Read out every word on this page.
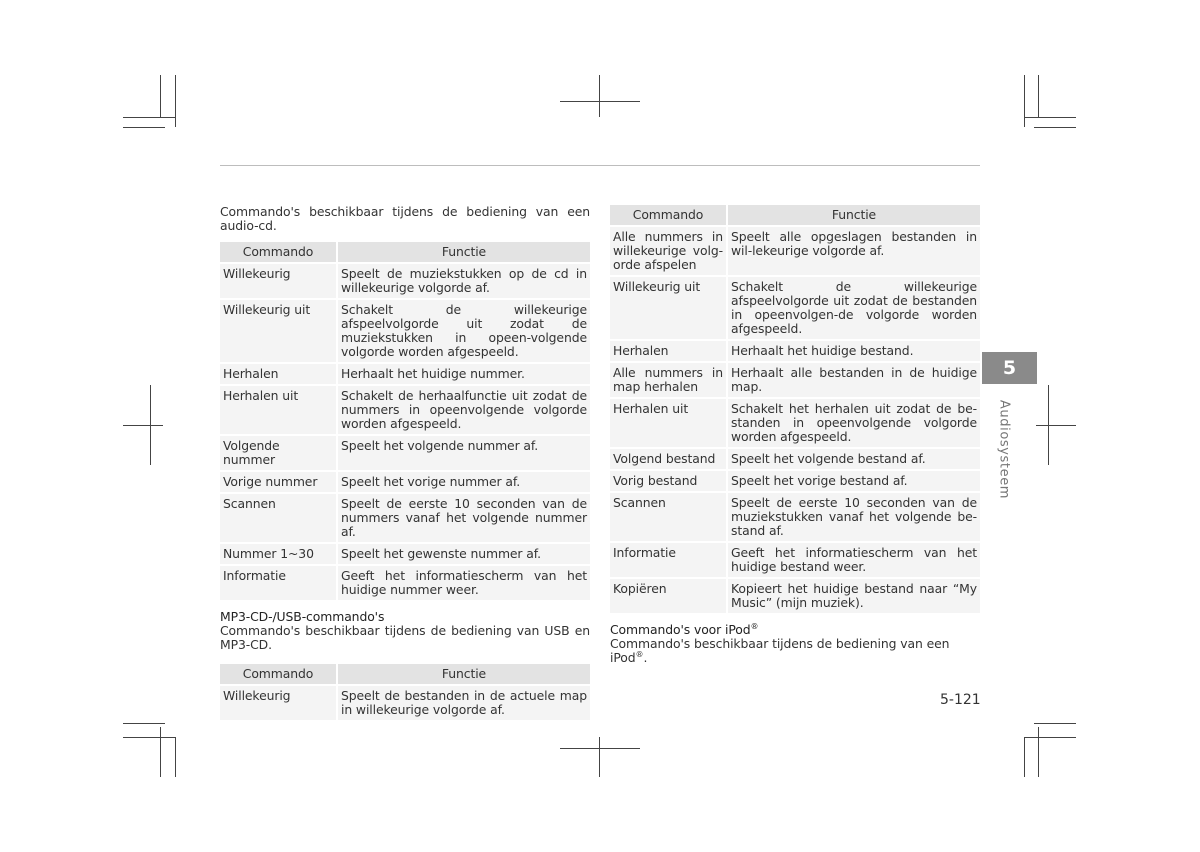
Commando's beschikbaar tijdens de bediening van een audio-cd.

Commando	Functie
Willekeurig	Speelt de muziekstukken op de cd in willekeurige volgorde af.
Willekeurig uit	Schakelt de willekeurige afspeelvolgorde uit zodat de muziekstukken in opeen-volgende volgorde worden afgespeeld.
Herhalen	Herhaalt het huidige nummer.
Herhalen uit	Schakelt de herhaalfunctie uit zodat de nummers in opeenvolgende volgorde worden afgespeeld.
Volgende nummer	Speelt het volgende nummer af.
Vorige nummer	Speelt het vorige nummer af.
Scannen	Speelt de eerste 10 seconden van de nummers vanaf het volgende nummer af.
Nummer 1~30	Speelt het gewenste nummer af.
Informatie	Geeft het informatiescherm van het huidige nummer weer.

MP3-CD-/USB-commando's

Commando's beschikbaar tijdens de bediening van USB en MP3-CD.

Commando	Functie
Willekeurig	Speelt de bestanden in de actuele map in willekeurige volgorde af.
Commando	Functie
Alle nummers in willekeurige volg-orde afspelen	Speelt alle opgeslagen bestanden in wil-lekeurige volgorde af.
Willekeurig uit	Schakelt de willekeurige afspeelvolgorde uit zodat de bestanden in opeenvolgen-de volgorde worden afgespeeld.
Herhalen	Herhaalt het huidige bestand.
Alle nummers in map herhalen	Herhaalt alle bestanden in de huidige map.
Herhalen uit	Schakelt het herhalen uit zodat de be-standen in opeenvolgende volgorde worden afgespeeld.
Volgend bestand	Speelt het volgende bestand af.
Vorig bestand	Speelt het vorige bestand af.
Scannen	Speelt de eerste 10 seconden van de muziekstukken vanaf het volgende be-stand af.
Informatie	Geeft het informatiescherm van het huidige bestand weer.
Kopiëren	Kopieert het huidige bestand naar “My Music” (mijn muziek).

Commando's voor iPod®

Commando's beschikbaar tijdens de bediening van een iPod®.

5
Audiosysteem
5-121
